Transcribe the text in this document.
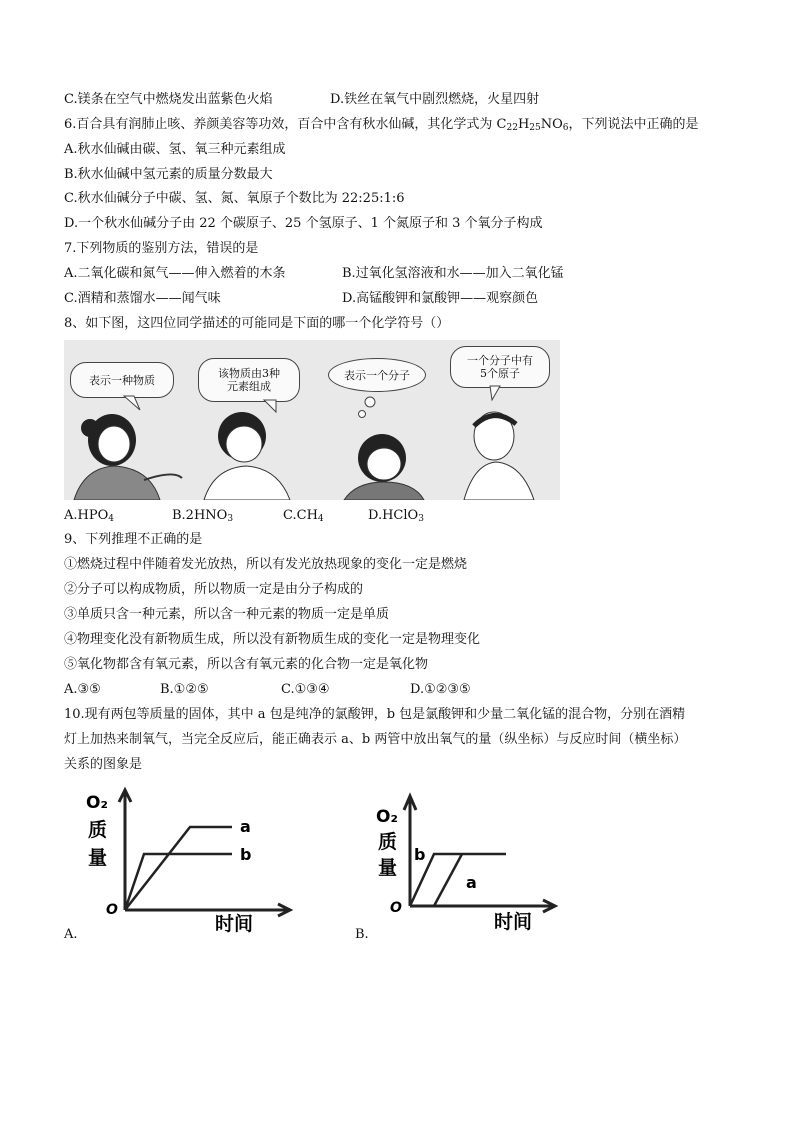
C.镁条在空气中燃烧发出蓝紫色火焰	D.铁丝在氧气中剧烈燃烧，火星四射
6.百合具有润肺止咳、养颜美容等功效，百合中含有秋水仙碱，其化学式为 $C_{22}H_{25}NO_6$，下列说法中正确的是
A.秋水仙碱由碳、氢、氧三种元素组成
B.秋水仙碱中氢元素的质量分数最大
C.秋水仙碱分子中碳、氢、氮、氧原子个数比为 22:25:1:6
D.一个秋水仙碱分子由 22 个碳原子、25 个氢原子、1 个氮原子和 3 个氧分子构成
7.下列物质的鉴别方法，错误的是
A.二氧化碳和氮气——伸入燃着的木条	B.过氧化氢溶液和水——加入二氧化锰
C.酒精和蒸馏水——闻气味	D.高锰酸钾和氯酸钾——观察颜色
8、如下图，这四位同学描述的可能同是下面的哪一个化学符号（）
表示一种物质	该物质由3种
元素组成
表示一个分子
一个分子中有
5个原子
$A.HPO_4$	$B.2HNO_3$	$C.CH_4$	D.HClO$_3$
9、下列推理不正确的是
①燃烧过程中伴随着发光放热，所以有发光放热现象的变化一定是燃烧
②分子可以构成物质，所以物质一定是由分子构成的
③单质只含一种元素，所以含一种元素的物质一定是单质
④物理变化没有新物质生成，所以没有新物质生成的变化一定是物理变化
⑤氧化物都含有氧元素，所以含有氧元素的化合物一定是氧化物
A.③⑤	B.①②⑤	C.①③④	D.①②③⑤
10.现有两包等质量的固体，其中 a 包是纯净的氯酸钾，b 包是氯酸钾和少量二氧化锰的混合物，分别在酒精
灯上加热来制氧气，当完全反应后，能正确表示 a、b 两管中放出氧气的量（纵坐标）与反应时间（横坐标）
关系的图象是
O₂
质
量
O
时间
a
b
A.
O₂
质
量
O
时间
b
a
B.
